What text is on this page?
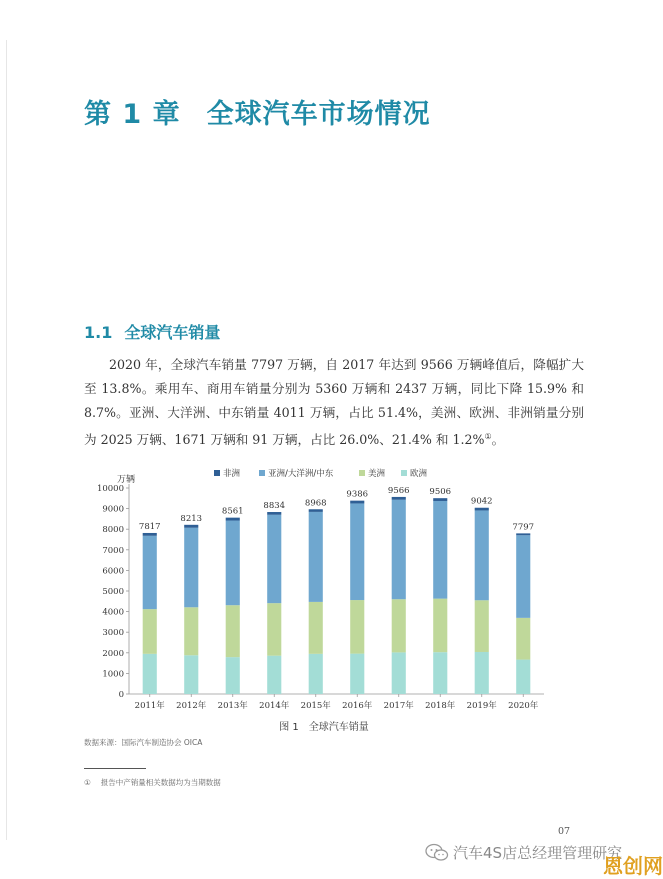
第 1 章 全球汽车市场情况
1.1 全球汽车销量

2020 年，全球汽车销量 7797 万辆，自 2017 年达到 9566 万辆峰值后，降幅扩大至 13.8%。乘用车、商用车销量分别为 5360 万辆和 2437 万辆，同比下降 15.9% 和 8.7%。亚洲、大洋洲、中东销量 4011 万辆，占比 51.4%，美洲、欧洲、非洲销量分别为 2025 万辆、1671 万辆和 91 万辆，占比 26.0%、21.4% 和 1.2%①。

0
1000
2000
3000
4000
5000
6000
7000
8000
9000
10000
万辆
7817
2011年
8213
2012年
8561
2013年
8834
2014年
8968
2015年
9386
2016年
9566
2017年
9506
2018年
9042
2019年
7797
2020年
非洲	亚洲/大洋洲/中东	美洲	欧洲
图 1 全球汽车销量
数据来源：国际汽车制造协会 OICA
① 报告中产销量相关数据均为当期数据
07
汽车4S店总经理管理研究
恩创网
